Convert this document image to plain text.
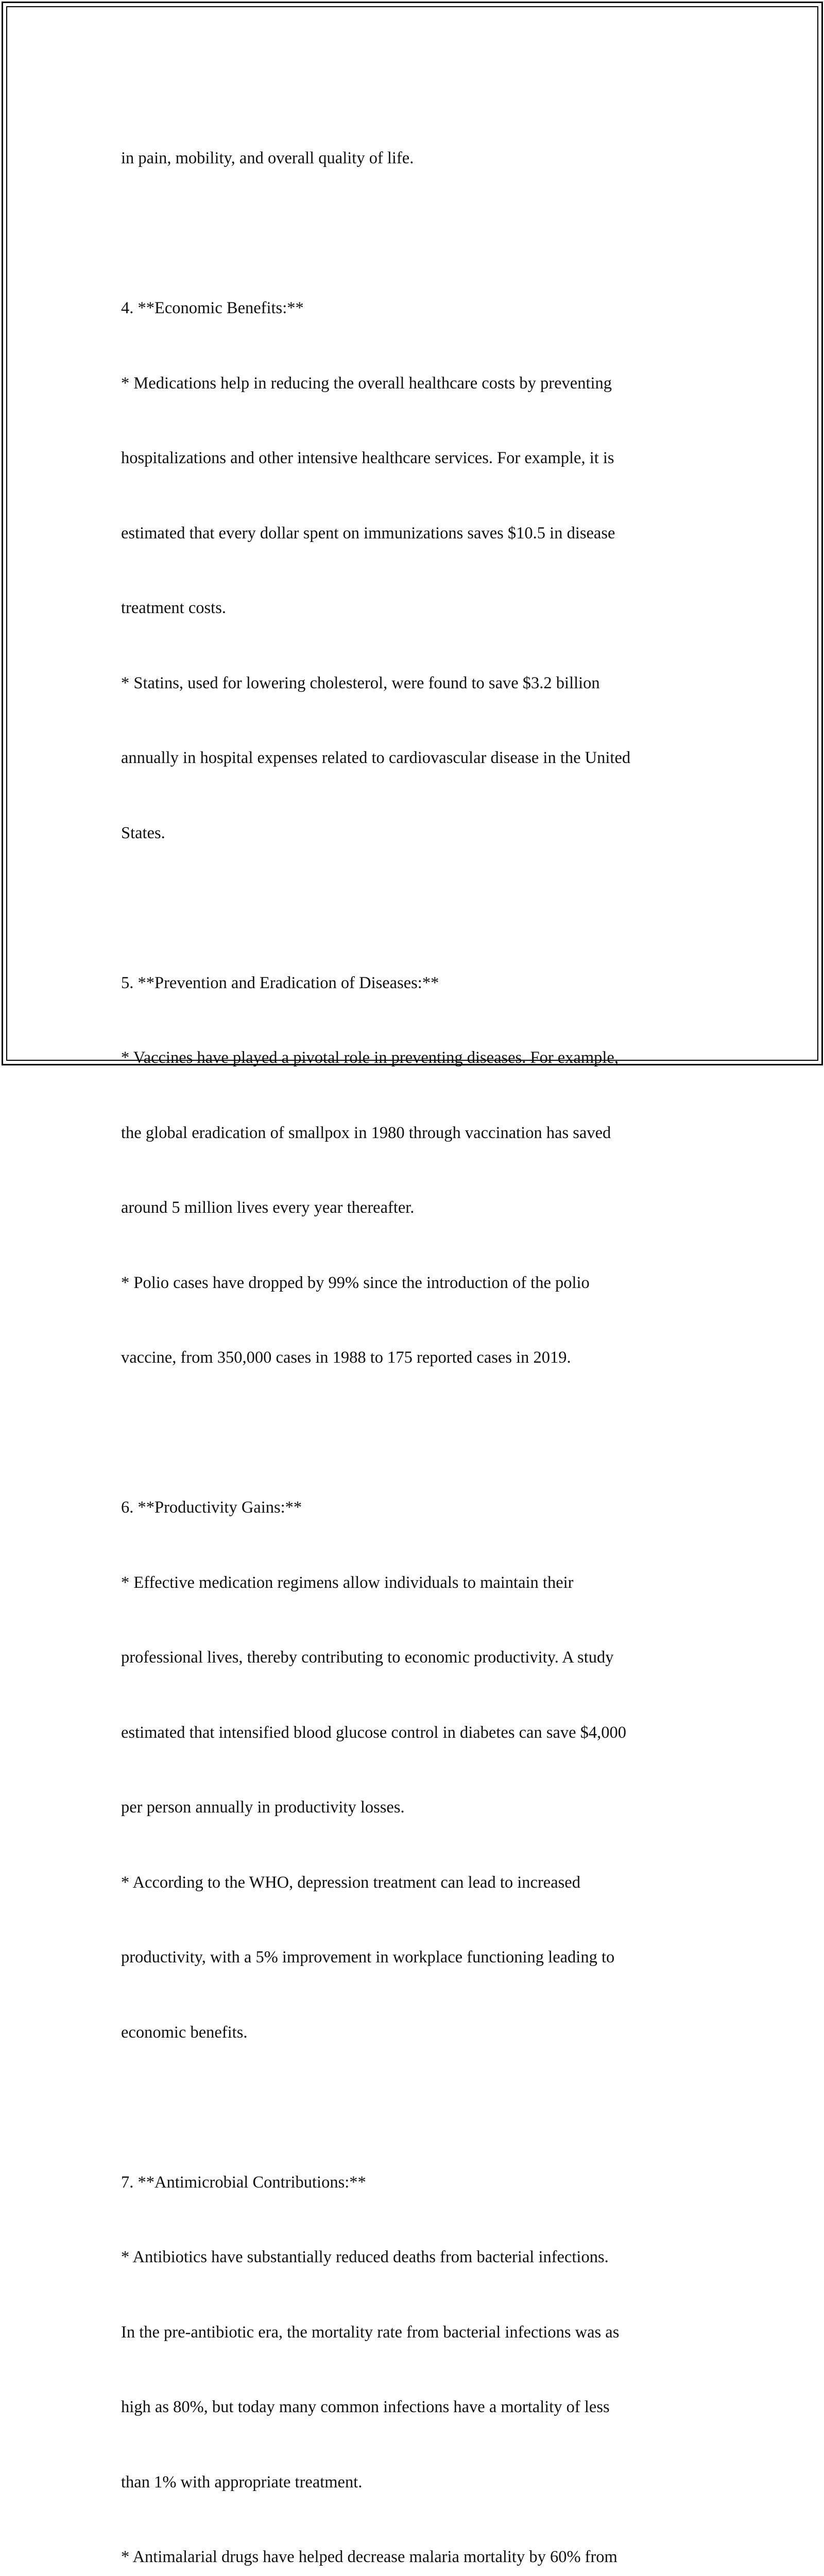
in pain, mobility, and overall quality of life.

4. **Economic Benefits:**

* Medications help in reducing the overall healthcare costs by preventing

hospitalizations and other intensive healthcare services. For example, it is

estimated that every dollar spent on immunizations saves $10.5 in disease

treatment costs.

* Statins, used for lowering cholesterol, were found to save $3.2 billion

annually in hospital expenses related to cardiovascular disease in the United

States.

5. **Prevention and Eradication of Diseases:**

* Vaccines have played a pivotal role in preventing diseases. For example,

the global eradication of smallpox in 1980 through vaccination has saved

around 5 million lives every year thereafter.

* Polio cases have dropped by 99% since the introduction of the polio

vaccine, from 350,000 cases in 1988 to 175 reported cases in 2019.

6. **Productivity Gains:**

* Effective medication regimens allow individuals to maintain their

professional lives, thereby contributing to economic productivity. A study

estimated that intensified blood glucose control in diabetes can save $4,000

per person annually in productivity losses.

* According to the WHO, depression treatment can lead to increased

productivity, with a 5% improvement in workplace functioning leading to

economic benefits.

7. **Antimicrobial Contributions:**

* Antibiotics have substantially reduced deaths from bacterial infections.

In the pre-antibiotic era, the mortality rate from bacterial infections was as

high as 80%, but today many common infections have a mortality of less

than 1% with appropriate treatment.

* Antimalarial drugs have helped decrease malaria mortality by 60% from
